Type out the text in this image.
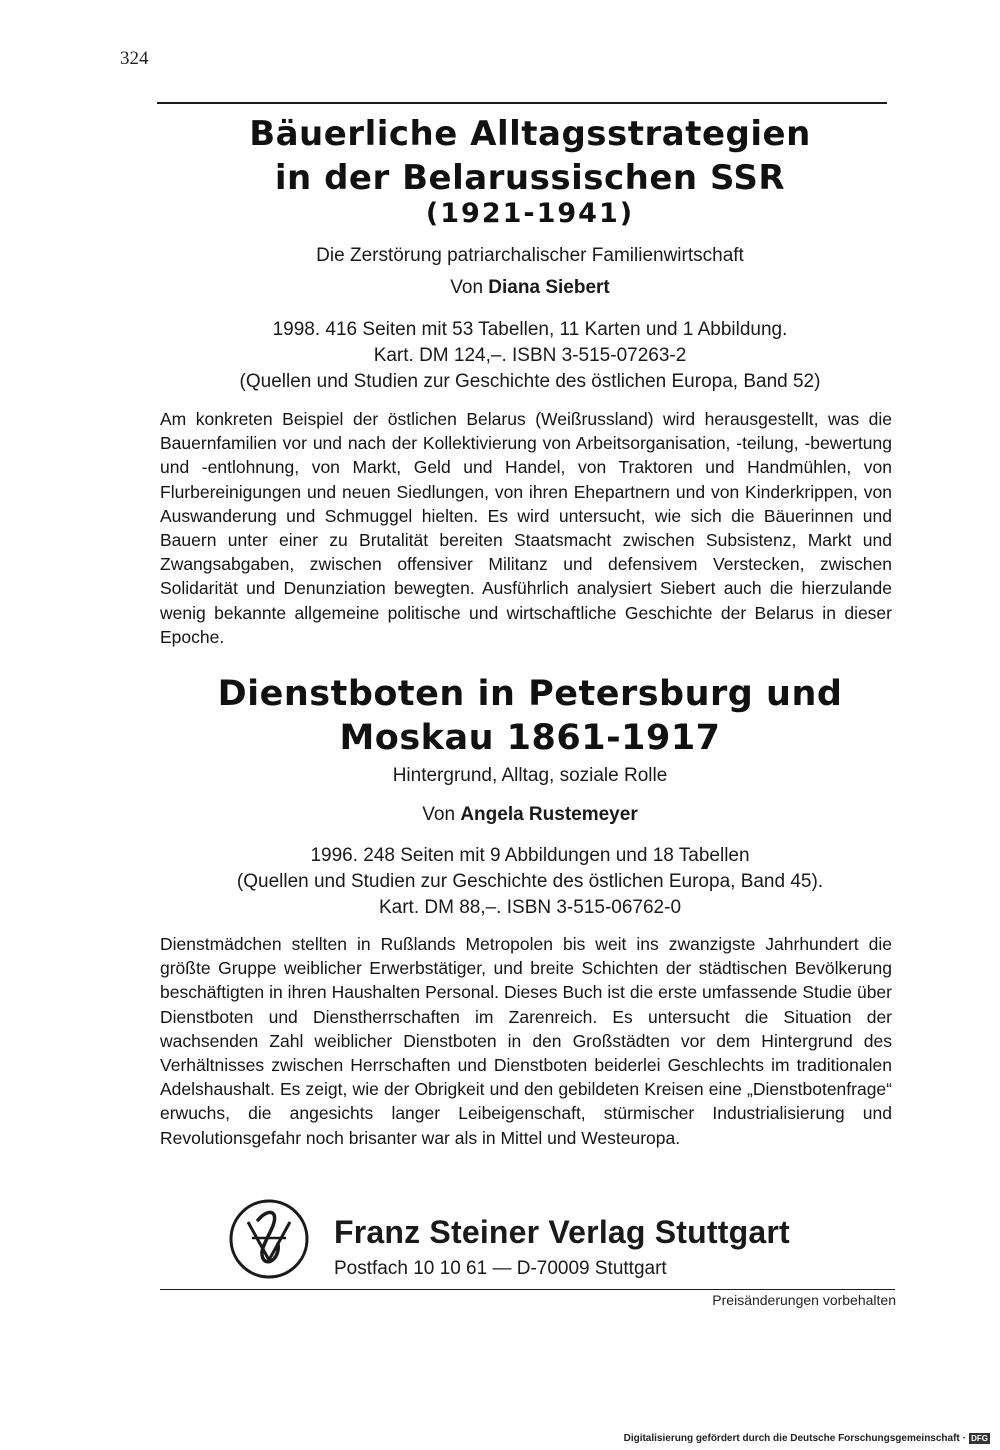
324
Bäuerliche Alltagsstrategien
in der Belarussischen SSR
(1921-1941)
Die Zerstörung patriarchalischer Familienwirtschaft
Von Diana Siebert
1998. 416 Seiten mit 53 Tabellen, 11 Karten und 1 Abbildung.
Kart. DM 124,–. ISBN 3-515-07263-2
(Quellen und Studien zur Geschichte des östlichen Europa, Band 52)
Am konkreten Beispiel der östlichen Belarus (Weißrussland) wird herausgestellt, was die Bauernfamilien vor und nach der Kollektivierung von Arbeitsorganisation, -teilung, -bewertung und -entlohnung, von Markt, Geld und Handel, von Traktoren und Handmühlen, von Flurbereinigungen und neuen Siedlungen, von ihren Ehepartnern und von Kinderkrippen, von Auswanderung und Schmuggel hielten. Es wird untersucht, wie sich die Bäuerinnen und Bauern unter einer zu Brutalität bereiten Staatsmacht zwischen Subsistenz, Markt und Zwangsabgaben, zwischen offensiver Militanz und defensivem Verstecken, zwischen Solidarität und Denunziation bewegten. Ausführlich analysiert Siebert auch die hierzulande wenig bekannte allgemeine politische und wirtschaftliche Geschichte der Belarus in dieser Epoche.
Dienstboten in Petersburg und
Moskau 1861-1917
Hintergrund, Alltag, soziale Rolle
Von Angela Rustemeyer
1996. 248 Seiten mit 9 Abbildungen und 18 Tabellen
(Quellen und Studien zur Geschichte des östlichen Europa, Band 45).
Kart. DM 88,–. ISBN 3-515-06762-0
Dienstmädchen stellten in Rußlands Metropolen bis weit ins zwanzigste Jahrhundert die größte Gruppe weiblicher Erwerbstätiger, und breite Schichten der städtischen Bevölkerung beschäftigten in ihren Haushalten Personal. Dieses Buch ist die erste umfassende Studie über Dienstboten und Dienstherrschaften im Zarenreich. Es untersucht die Situation der wachsenden Zahl weiblicher Dienstboten in den Großstädten vor dem Hintergrund des Verhältnisses zwischen Herrschaften und Dienstboten beiderlei Geschlechts im traditionalen Adelshaushalt. Es zeigt, wie der Obrigkeit und den gebildeten Kreisen eine „Dienstbotenfrage“ erwuchs, die angesichts langer Leibeigenschaft, stürmischer Industrialisierung und Revolutionsgefahr noch brisanter war als in Mittel und Westeuropa.
Franz Steiner Verlag Stuttgart
Postfach 10 10 61 — D-70009 Stuttgart
Preisänderungen vorbehalten
Digitalisierung gefördert durch die Deutsche Forschungsgemeinschaft · DFG
